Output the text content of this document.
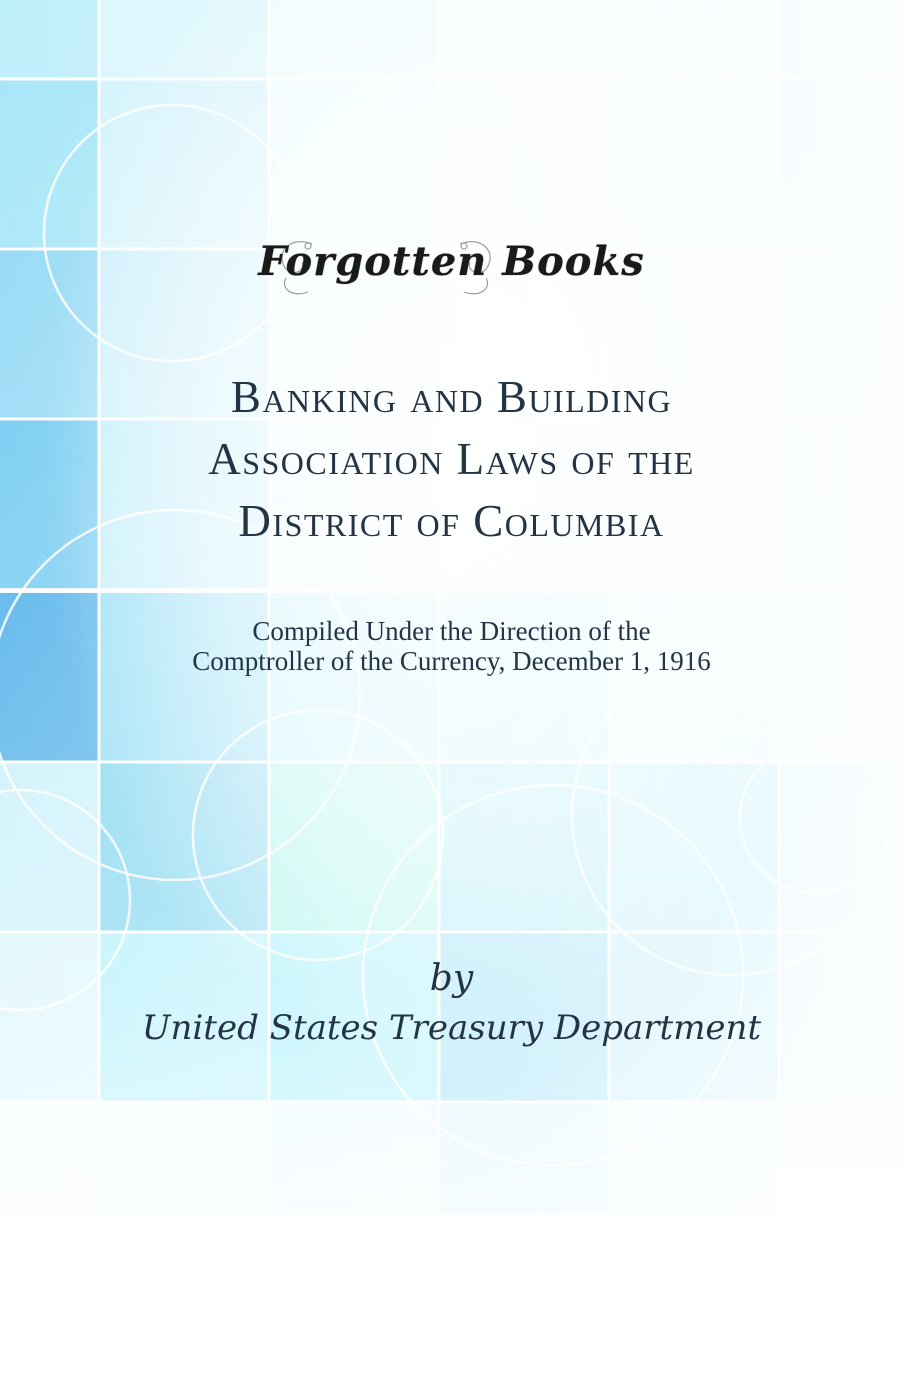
Forgotten Books
Banking and Building
Association Laws of the
District of Columbia

Compiled Under the Direction of the
Comptroller of the Currency, December 1, 1916

by
United States Treasury Department
